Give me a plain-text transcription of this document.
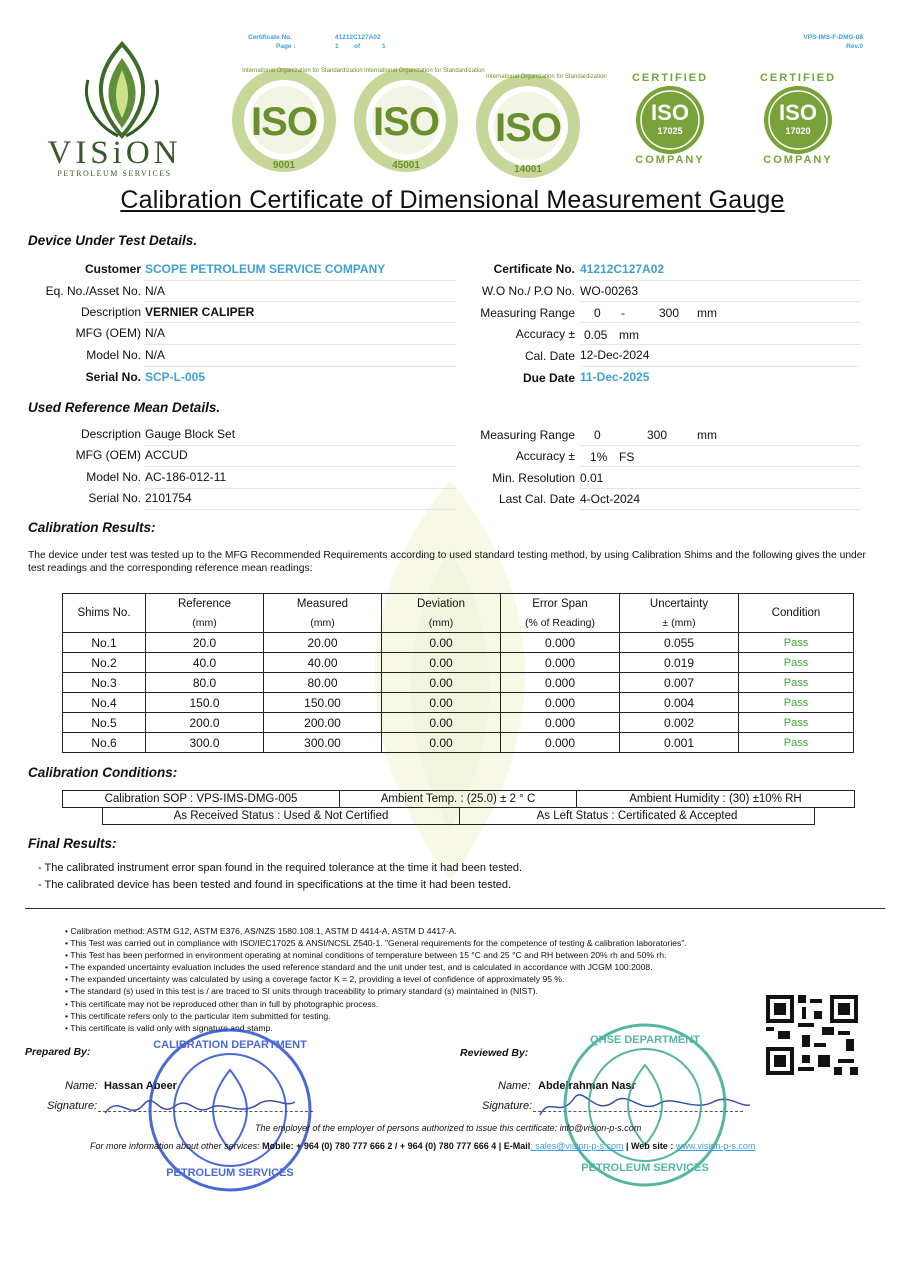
Certificate No.	41212C127A02
Page :	1 of	1
VPS-IMS-F-DMG-08
Rev.0
VISiON
PETROLEUM SERVICES
ISO
9001
International Organization for Standardization
ISO
45001
International Organization for Standardization
ISO
14001
International Organization for Standardization	CERTIFIED
ISO
17025
COMPANY
CERTIFIED
ISO
17020
COMPANY
Calibration Certificate of Dimensional Measurement Gauge
Device Under Test Details.
Customer SCOPE PETROLEUM SERVICE COMPANY
Eq. No./Asset No. N/A
Description VERNIER CALIPER
MFG (OEM) N/A
Model No. N/A
Serial No. SCP-L-005
Certificate No. 41212C127A02
W.O No./ P.O No. WO-00263
Measuring Range 0 -	300 mm
Accuracy ± 0.05 mm
Cal. Date 12-Dec-2024
Due Date 11-Dec-2025
Used Reference Mean Details.
Description Gauge Block Set
MFG (OEM) ACCUD
Model No. AC-186-012-11
Serial No. 2101754
Measuring Range 0	300 mm
Accuracy ± 1% FS
Min. Resolution 0.01
Last Cal. Date 4-Oct-2024
Calibration Results:
The device under test was tested up to the MFG Recommended Requirements according to used standard testing method, by using Calibration Shims and the following gives the under test readings and the corresponding reference mean readings:
Shims No.	Reference	Measured	Deviation	Error Span	Uncertainty	Condition
	(mm)	(mm)	(mm)	(% of Reading)	± (mm)	
No.1	20.0	20.00	0.00	0.000	0.055	Pass
No.2	40.0	40.00	0.00	0.000	0.019	Pass
No.3	80.0	80.00	0.00	0.000	0.007	Pass
No.4	150.0	150.00	0.00	0.000	0.004	Pass
No.5	200.0	200.00	0.00	0.000	0.002	Pass
No.6	300.0	300.00	0.00	0.000	0.001	Pass
Calibration Conditions:
Calibration SOP : VPS-IMS-DMG-005	Ambient Temp. : (25.0) ± 2 ° C	Ambient Humidity : (30) ±10% RH
As Received Status : Used & Not Certified	As Left Status : Certificated & Accepted
Final Results:
- The calibrated instrument error span found in the required tolerance at the time it had been tested.
- The calibrated device has been tested and found in specifications at the time it had been tested.
• Calibration method: ASTM G12, ASTM E376, AS/NZS 1580.108.1, ASTM D 4414-A, ASTM D 4417-A.
• This Test was carried out in compliance with ISO/IEC17025 & ANSI/NCSL Z540-1. "General requirements for the competence of testing & calibration laboratories".
• This Test has been performed in environment operating at nominal conditions of temperature between 15 °C and 25 °C and RH between 20% rh and 50% rh.
• The expanded uncertainty evaluation includes the used reference standard and the unit under test, and is calculated in accordance with JCGM 100:2008.
• The expanded uncertainty was calculated by using a coverage factor K = 2, providing a level of confidence of approximately 95 %.
• The standard (s) used in this test is / are traced to SI units through traceability to primary standard (s) maintained in (NIST).
• This certificate may not be reproduced other than in full by photographic process.
• This certificate refers only to the particular item submitted for testing.
• This certificate is valid only with signature and stamp.
Prepared By:	Reviewed By:
Name: Hassan Abeer
Signature:
Name: Abdelrahman Nasr
Signature:
CALIBRATION DEPARTMENT
PETROLEUM SERVICES
QHSE DEPARTMENT
PETROLEUM SERVICES
The employer of the employer of persons authorized to issue this certificate: info@vision-p-s.com
For more information about other services: Mobile: + 964 (0) 780 777 666 2 / + 964 (0) 780 777 666 4 | E-Mail: sales@vision-p-s.com | Web site : www.vision-p-s.com
